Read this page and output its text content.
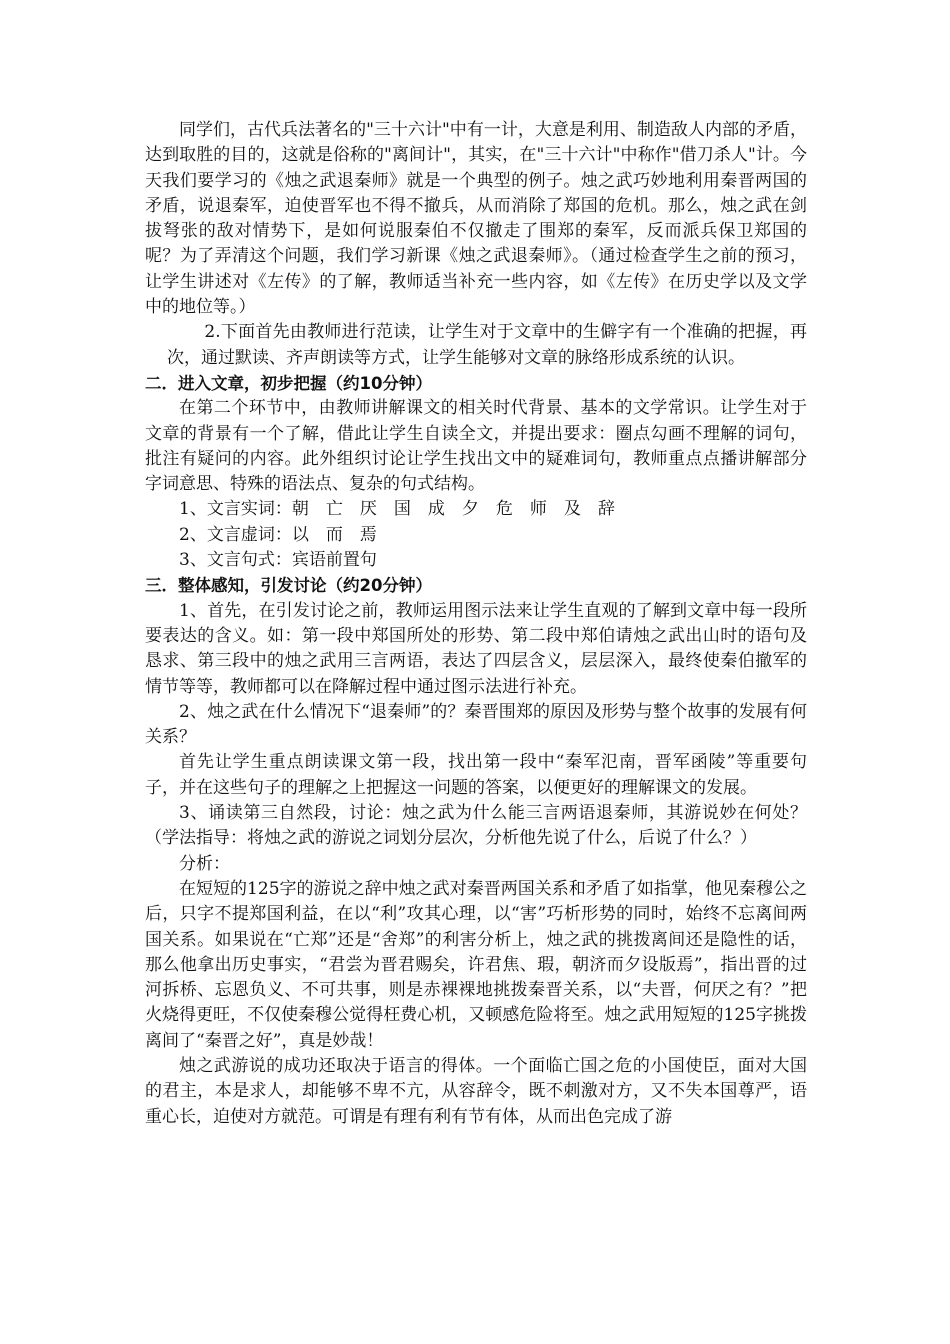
同学们，古代兵法著名的"三十六计"中有一计，大意是利用、制造敌人内部的矛盾，达到取胜的目的，这就是俗称的"离间计"，其实，在"三十六计"中称作"借刀杀人"计。今天我们要学习的《烛之武退秦师》就是一个典型的例子。烛之武巧妙地利用秦晋两国的矛盾，说退秦军，迫使晋军也不得不撤兵，从而消除了郑国的危机。那么，烛之武在剑拔弩张的敌对情势下，是如何说服秦伯不仅撤走了围郑的秦军，反而派兵保卫郑国的呢？为了弄清这个问题，我们学习新课《烛之武退秦师》。（通过检查学生之前的预习，让学生讲述对《左传》的了解，教师适当补充一些内容，如《左传》在历史学以及文学中的地位等。）

2.下面首先由教师进行范读，让学生对于文章中的生僻字有一个准确的把握，再次，通过默读、齐声朗读等方式，让学生能够对文章的脉络形成系统的认识。

二．进入文章，初步把握（约10分钟）

在第二个环节中，由教师讲解课文的相关时代背景、基本的文学常识。让学生对于文章的背景有一个了解，借此让学生自读全文，并提出要求：圈点勾画不理解的词句，批注有疑问的内容。此外组织讨论让学生找出文中的疑难词句，教师重点点播讲解部分字词意思、特殊的语法点、复杂的句式结构。

1、文言实词：朝　亡　厌　国　成　夕　危　师　及　辞

2、文言虚词：以　而　焉

3、文言句式：宾语前置句

三．整体感知，引发讨论（约20分钟）

1、首先，在引发讨论之前，教师运用图示法来让学生直观的了解到文章中每一段所要表达的含义。如：第一段中郑国所处的形势、第二段中郑伯请烛之武出山时的语句及恳求、第三段中的烛之武用三言两语，表达了四层含义，层层深入，最终使秦伯撤军的情节等等，教师都可以在降解过程中通过图示法进行补充。

2、烛之武在什么情况下“退秦师”的？秦晋围郑的原因及形势与整个故事的发展有何关系？

首先让学生重点朗读课文第一段，找出第一段中“秦军氾南，晋军函陵”等重要句子，并在这些句子的理解之上把握这一问题的答案，以便更好的理解课文的发展。

3、诵读第三自然段，讨论：烛之武为什么能三言两语退秦师，其游说妙在何处？（学法指导：将烛之武的游说之词划分层次，分析他先说了什么，后说了什么？）

分析：

在短短的125字的游说之辞中烛之武对秦晋两国关系和矛盾了如指掌，他见秦穆公之后，只字不提郑国利益，在以“利”攻其心理，以“害”巧析形势的同时，始终不忘离间两国关系。如果说在“亡郑”还是“舍郑”的利害分析上，烛之武的挑拨离间还是隐性的话，那么他拿出历史事实，“君尝为晋君赐矣，许君焦、瑕，朝济而夕设版焉”，指出晋的过河拆桥、忘恩负义、不可共事，则是赤裸裸地挑拨秦晋关系，以“夫晋，何厌之有？”把火烧得更旺，不仅使秦穆公觉得枉费心机，又顿感危险将至。烛之武用短短的125字挑拨离间了“秦晋之好”，真是妙哉！

烛之武游说的成功还取决于语言的得体。一个面临亡国之危的小国使臣，面对大国的君主，本是求人，却能够不卑不亢，从容辞令，既不刺激对方，又不失本国尊严，语重心长，迫使对方就范。可谓是有理有利有节有体，从而出色完成了游
